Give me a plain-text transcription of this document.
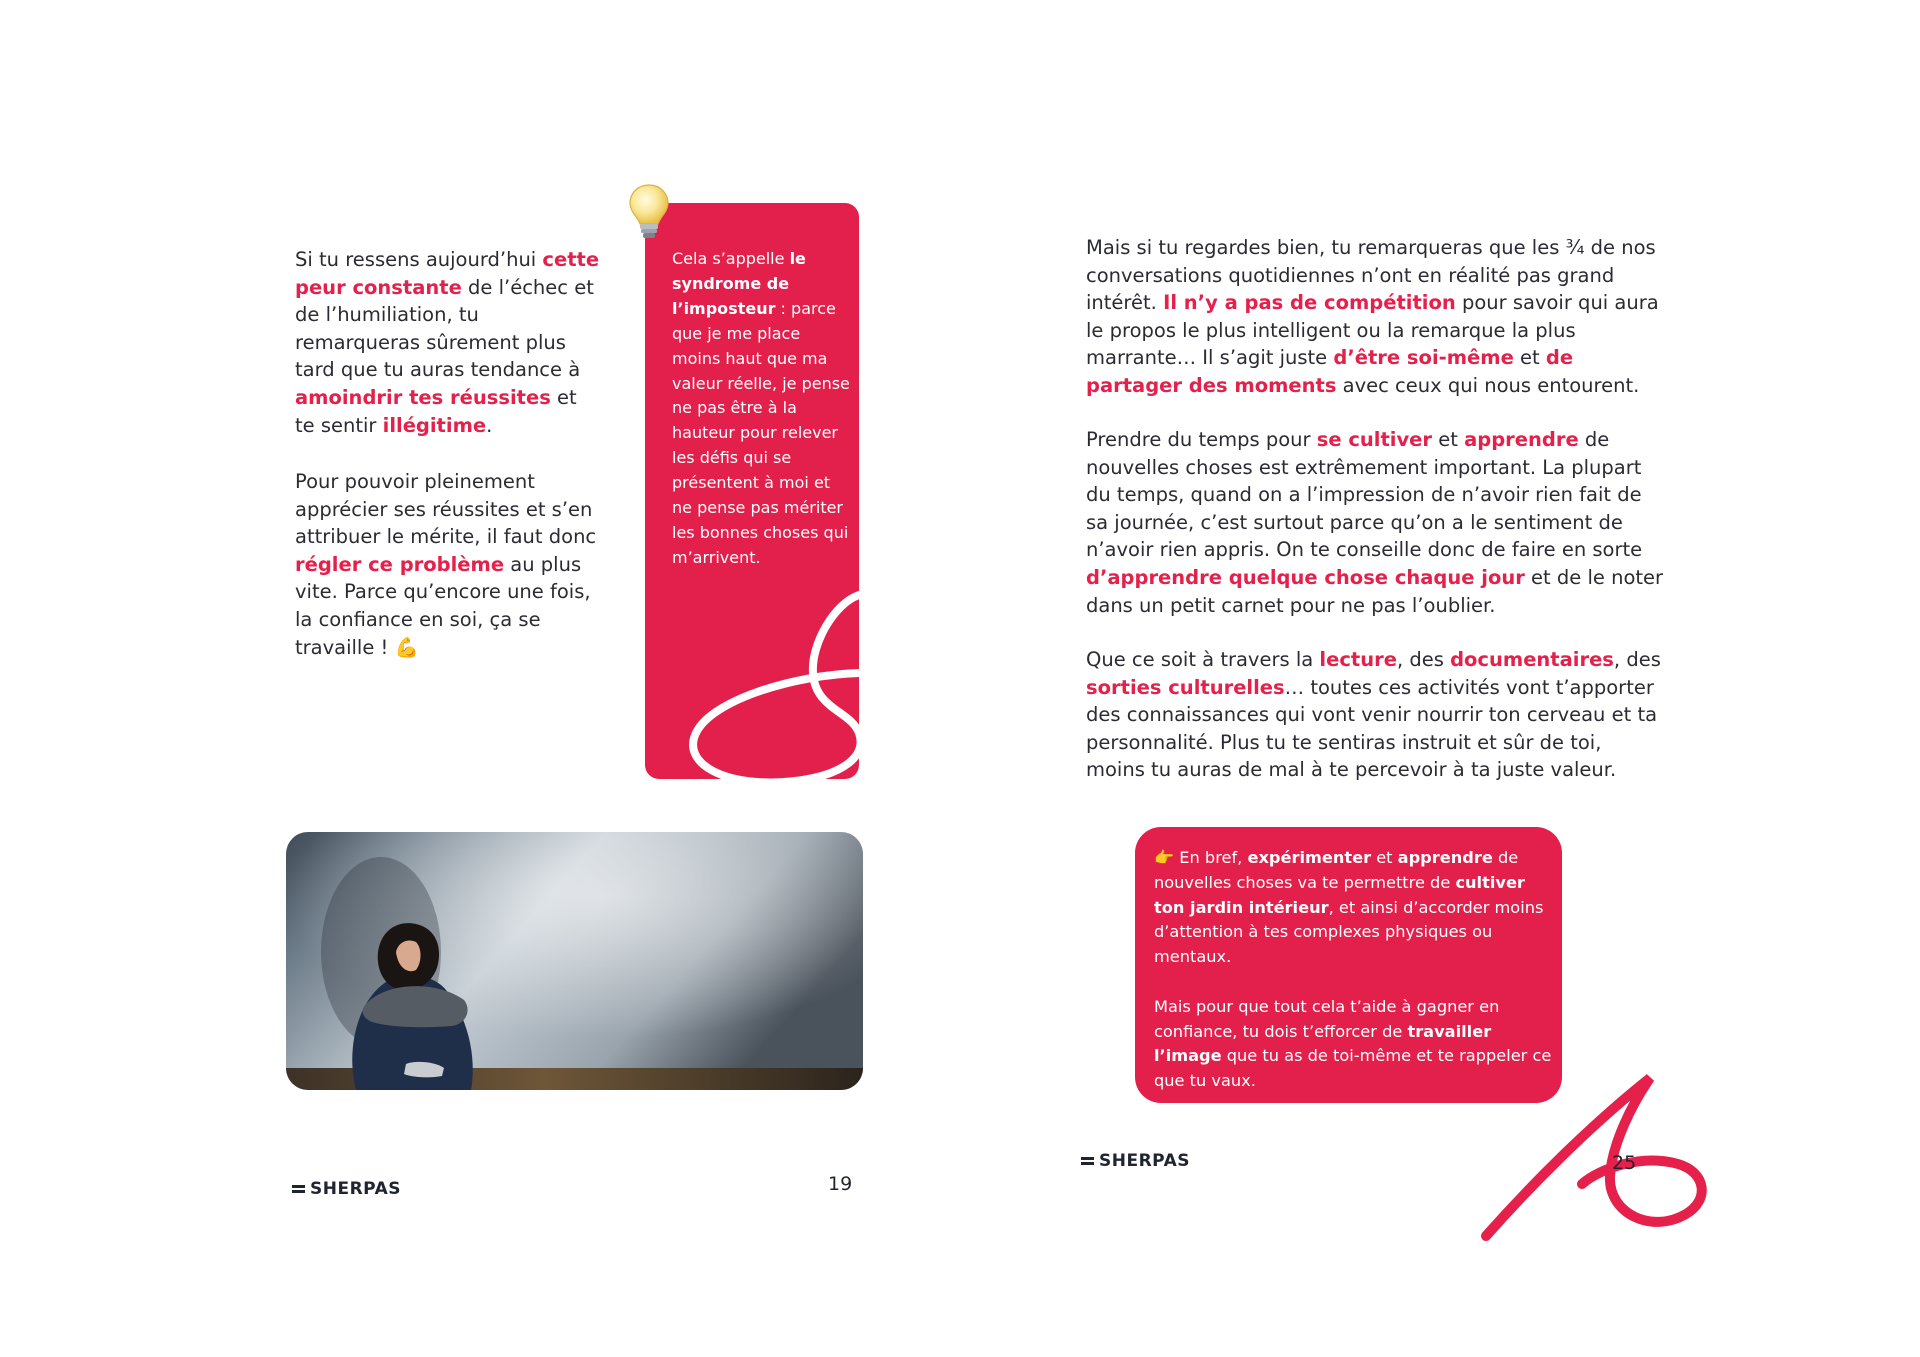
Si tu ressens aujourd’hui cette peur constante de l’échec et de l’humiliation, tu remarqueras sûrement plus tard que tu auras tendance à amoindrir tes réussites et te sentir illégitime.

Pour pouvoir pleinement apprécier ses réussites et s’en attribuer le mérite, il faut donc régler ce problème au plus vite. Parce qu’encore une fois, la confiance en soi, ça se travaille ! 💪

Cela s’appelle le syndrome de l’imposteur : parce que je me place moins haut que ma valeur réelle, je pense ne pas être à la hauteur pour relever les défis qui se présentent à moi et ne pense pas mériter les bonnes choses qui m’arrivent.

SHERPAS	19

Mais si tu regardes bien, tu remarqueras que les ¾ de nos conversations quotidiennes n’ont en réalité pas grand intérêt. Il n’y a pas de compétition pour savoir qui aura le propos le plus intelligent ou la remarque la plus marrante… Il s’agit juste d’être soi-même et de partager des moments avec ceux qui nous entourent.

Prendre du temps pour se cultiver et apprendre de nouvelles choses est extrêmement important. La plupart du temps, quand on a l’impression de n’avoir rien fait de sa journée, c’est surtout parce qu’on a le sentiment de n’avoir rien appris. On te conseille donc de faire en sorte d’apprendre quelque chose chaque jour et de le noter dans un petit carnet pour ne pas l’oublier.

Que ce soit à travers la lecture, des documentaires, des sorties culturelles… toutes ces activités vont t’apporter des connaissances qui vont venir nourrir ton cerveau et ta personnalité. Plus tu te sentiras instruit et sûr de toi, moins tu auras de mal à te percevoir à ta juste valeur.

👉 En bref, expérimenter et apprendre de nouvelles choses va te permettre de cultiver ton jardin intérieur, et ainsi d’accorder moins d’attention à tes complexes physiques ou mentaux.

Mais pour que tout cela t’aide à gagner en confiance, tu dois t’efforcer de travailler l’image que tu as de toi-même et te rappeler ce que tu vaux.

SHERPAS	25
